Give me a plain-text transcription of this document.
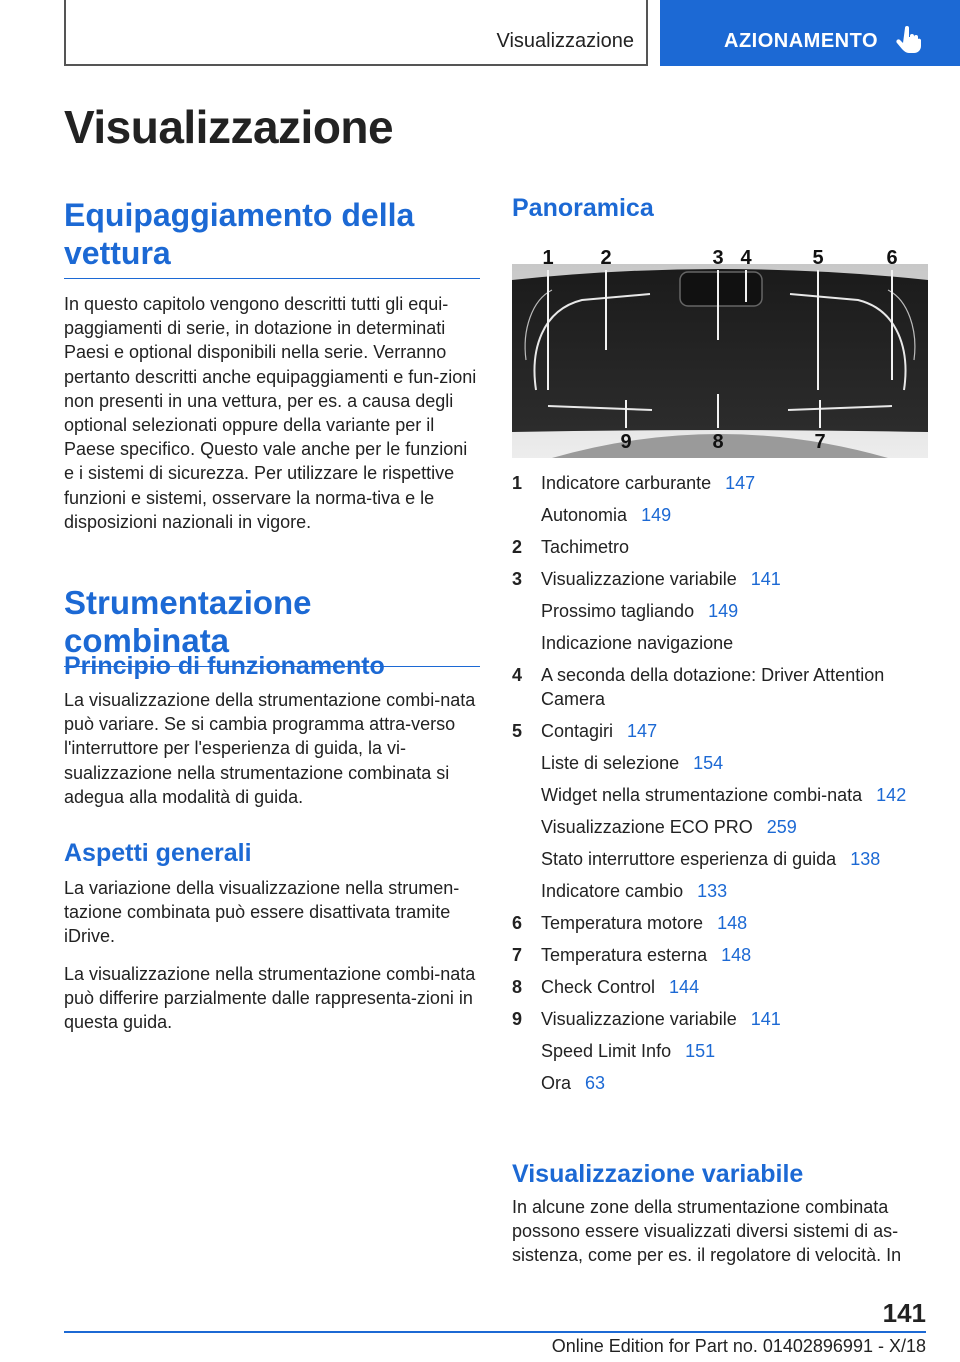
Visualizzazione	AZIONAMENTO
Visualizzazione
Equipaggiamento della vettura

In questo capitolo vengono descritti tutti gli equi-paggiamenti di serie, in dotazione in determinati Paesi e optional disponibili nella serie. Verranno pertanto descritti anche equipaggiamenti e fun-zioni non presenti in una vettura, per es. a causa degli optional selezionati oppure della variante per il Paese specifico. Questo vale anche per le funzioni e i sistemi di sicurezza. Per utilizzare le rispettive funzioni e sistemi, osservare la norma-tiva e le disposizioni nazionali in vigore.

Strumentazione combinata
Principio di funzionamento

La visualizzazione della strumentazione combi-nata può variare. Se si cambia programma attra-verso l'interruttore per l'esperienza di guida, la vi-sualizzazione nella strumentazione combinata si adegua alla modalità di guida.

Aspetti generali

La variazione della visualizzazione nella strumen-tazione combinata può essere disattivata tramite iDrive.

La visualizzazione nella strumentazione combi-nata può differire parzialmente dalle rappresenta-zioni in questa guida.

Panoramica
1 2	3 4	5	6
9	8	7
1	Indicatore carburante 147
Autonomia 149
2	Tachimetro
3	Visualizzazione variabile 141
Prossimo tagliando 149
Indicazione navigazione
4	A seconda della dotazione: Driver Attention Camera
5	Contagiri 147
Liste di selezione 154
Widget nella strumentazione combi-nata 142
Visualizzazione ECO PRO 259
Stato interruttore esperienza di guida 138
Indicatore cambio 133
6	Temperatura motore 148
7	Temperatura esterna 148
8	Check Control 144
9	Visualizzazione variabile 141
Speed Limit Info 151
Ora 63
Visualizzazione variabile

In alcune zone della strumentazione combinata possono essere visualizzati diversi sistemi di as-sistenza, come per es. il regolatore di velocità. In

141
Online Edition for Part no. 01402896991 - X/18
